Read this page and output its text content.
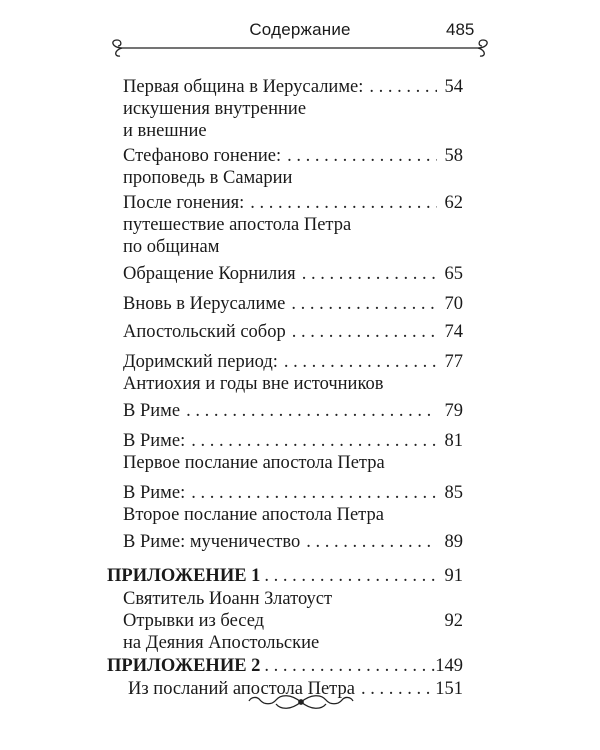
Содержание	485
Первая община в Иерусалиме: . . .	54
искушения внутренние
и внешние
Стефаново гонение: . . .	58
проповедь в Самарии
После гонения: . . .	62
путешествие апостола Петра
по общинам
Обращение Корнилия . . .	65
Вновь в Иерусалиме . . .	70
Апостольский собор . . .	74
Доримский период: . . .	77
Антиохия и годы вне источников
В Риме . . .	79
В Риме: . . .	81
Первое послание апостола Петра
В Риме: . . .	85
Второе послание апостола Петра
В Риме: мученичество . . .	89
ПРИЛОЖЕНИЕ 1 . . .	91
Святитель Иоанн Златоуст
Отрывки из бесед	92
на Деяния Апостольские
ПРИЛОЖЕНИЕ 2 . . .	149
Из посланий апостола Петра . . .	151
